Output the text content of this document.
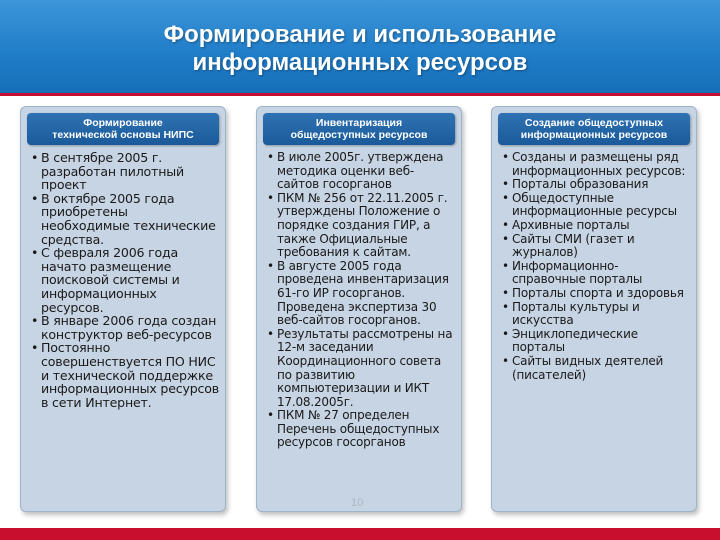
Формирование и использование
информационных ресурсов
Формирование
технической основы НИПС
• В сентябре 2005 г. разработан пилотный проект
• В октябре 2005 года приобретены необходимые технические средства.
• С февраля 2006 года начато размещение поисковой системы и информационных ресурсов.
• В январе 2006 года создан конструктор веб-ресурсов
• Постоянно совершенствуется ПО НИС и технической поддержке информационных ресурсов в сети Интернет.
Инвентаризация
общедоступных ресурсов
• В июле 2005г. утверждена методика оценки веб-сайтов госорганов
• ПКМ № 256 от 22.11.2005 г. утверждены Положение о порядке создания ГИР, а также Официальные требования к сайтам.
• В августе 2005 года проведена инвентаризация 61-го ИР госорганов. Проведена экспертиза 30 веб-сайтов госорганов.
• Результаты рассмотрены на 12-м заседании Координационного совета по развитию компьютеризации и ИКТ 17.08.2005г.
• ПКМ № 27 определен Перечень общедоступных ресурсов госорганов
Создание общедоступных
информационных ресурсов
• Созданы и размещены ряд информационных ресурсов:
• Порталы образования
• Общедоступные информационные ресурсы
• Архивные порталы
• Сайты СМИ (газет и журналов)
• Информационно-справочные порталы
• Порталы спорта и здоровья
• Порталы культуры и искусства
• Энциклопедические порталы
• Сайты видных деятелей (писателей)
10
